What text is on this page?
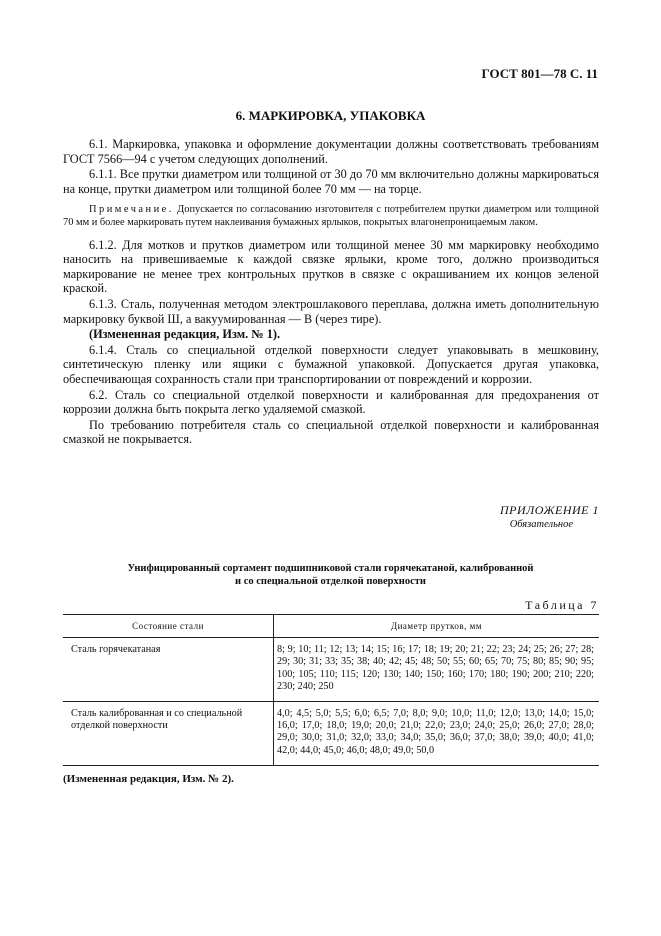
ГОСТ 801—78 С. 11
6. МАРКИРОВКА, УПАКОВКА

6.1. Маркировка, упаковка и оформление документации должны соответствовать требованиям ГОСТ 7566—94 с учетом следующих дополнений.

6.1.1. Все прутки диаметром или толщиной от 30 до 70 мм включительно должны маркироваться на конце, прутки диаметром или толщиной более 70 мм — на торце.

Примечание. Допускается по согласованию изготовителя с потребителем прутки диаметром или толщиной 70 мм и более маркировать путем наклеивания бумажных ярлыков, покрытых влагонепроницаемым лаком.

6.1.2. Для мотков и прутков диаметром или толщиной менее 30 мм маркировку необходимо наносить на привешиваемые к каждой связке ярлыки, кроме того, должно производиться маркирование не менее трех контрольных прутков в связке с окрашиванием их концов зеленой краской.

6.1.3. Сталь, полученная методом электрошлакового переплава, должна иметь дополнительную маркировку буквой Ш, а вакуумированная — В (через тире).

(Измененная редакция, Изм. № 1).

6.1.4. Сталь со специальной отделкой поверхности следует упаковывать в мешковину, синтетическую пленку или ящики с бумажной упаковкой. Допускается другая упаковка, обеспечивающая сохранность стали при транспортировании от повреждений и коррозии.

6.2. Сталь со специальной отделкой поверхности и калиброванная для предохранения от коррозии должна быть покрыта легко удаляемой смазкой.

По требованию потребителя сталь со специальной отделкой поверхности и калиброванная смазкой не покрывается.

ПРИЛОЖЕНИЕ 1
Обязательное
Унифицированный сортамент подшипниковой стали горячекатаной, калиброванной
и со специальной отделкой поверхности
Таблица 7
Состояние стали	Диаметр прутков, мм
Сталь горячекатаная	8; 9; 10; 11; 12; 13; 14; 15; 16; 17; 18; 19; 20; 21; 22; 23; 24; 25; 26; 27; 28; 29; 30; 31; 33; 35; 38; 40; 42; 45; 48; 50; 55; 60; 65; 70; 75; 80; 85; 90; 95; 100; 105; 110; 115; 120; 130; 140; 150; 160; 170; 180; 190; 200; 210; 220; 230; 240; 250
Сталь калиброванная и со специальной отделкой поверхности	4,0; 4,5; 5,0; 5,5; 6,0; 6,5; 7,0; 8,0; 9,0; 10,0; 11,0; 12,0; 13,0; 14,0; 15,0; 16,0; 17,0; 18,0; 19,0; 20,0; 21,0; 22,0; 23,0; 24,0; 25,0; 26,0; 27,0; 28,0; 29,0; 30,0; 31,0; 32,0; 33,0; 34,0; 35,0; 36,0; 37,0; 38,0; 39,0; 40,0; 41,0; 42,0; 44,0; 45,0; 46,0; 48,0; 49,0; 50,0
(Измененная редакция, Изм. № 2).
